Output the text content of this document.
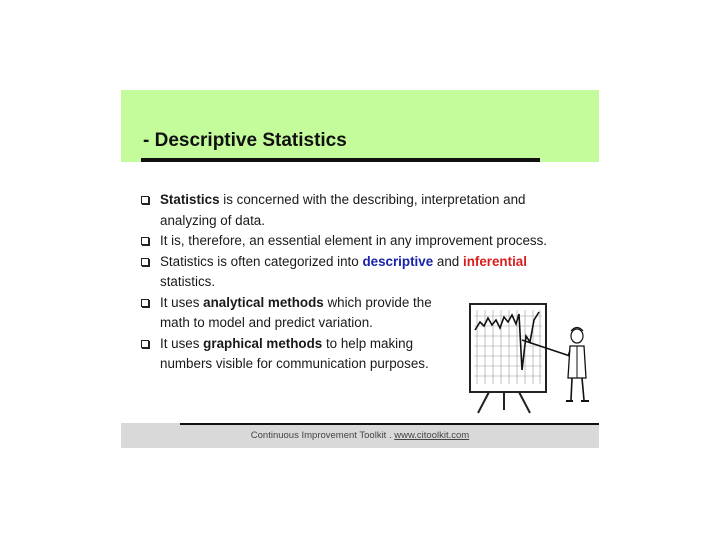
- Descriptive Statistics
Statistics is concerned with the describing, interpretation and analyzing of data.
It is, therefore, an essential element in any improvement process.
Statistics is often categorized into descriptive and inferential statistics.
It uses analytical methods which provide the math to model and predict variation.
It uses graphical methods to help making numbers visible for communication purposes.
Continuous Improvement Toolkit . www.citoolkit.com
